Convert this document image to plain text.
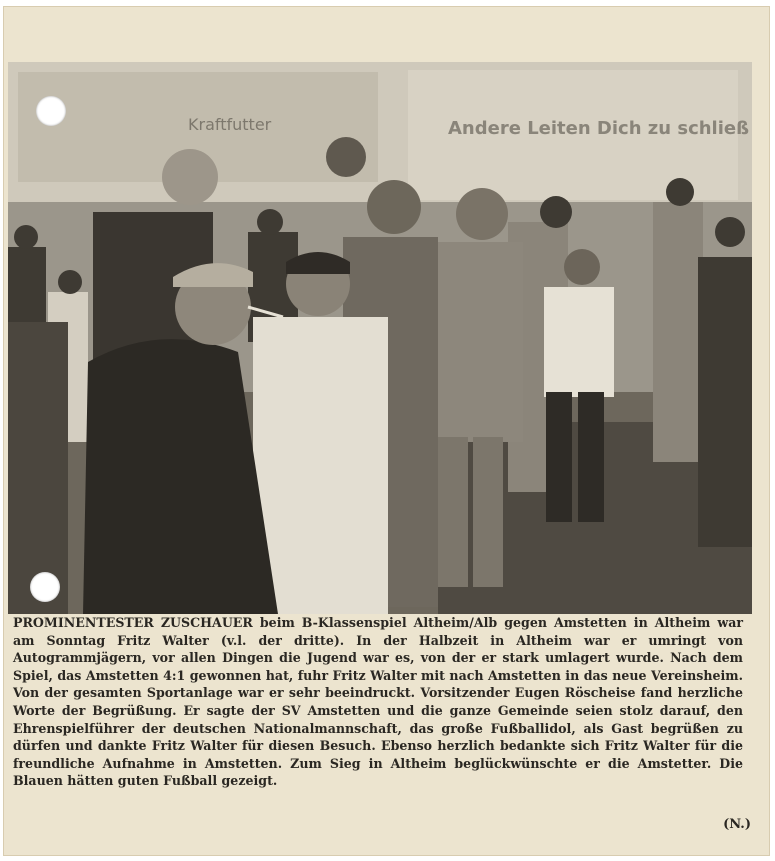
Kraftfutter	Andere Leiten Dich zu schließ
PROMINENTESTER ZUSCHAUER beim B-Klassenspiel Altheim/Alb gegen Amstetten in Altheim war am Sonntag Fritz Walter (v.l. der dritte). In der Halbzeit in Altheim war er umringt von Autogrammjägern, vor allen Dingen die Jugend war es, von der er stark umlagert wurde. Nach dem Spiel, das Amstetten 4:1 gewonnen hat, fuhr Fritz Walter mit nach Amstetten in das neue Vereinsheim. Von der gesamten Sportanlage war er sehr beeindruckt. Vorsitzender Eugen Röscheise fand herzliche Worte der Begrüßung. Er sagte der SV Amstetten und die ganze Gemeinde seien stolz darauf, den Ehrenspielführer der deutschen Nationalmannschaft, das große Fußballidol, als Gast begrüßen zu dürfen und dankte Fritz Walter für diesen Besuch. Ebenso herzlich bedankte sich Fritz Walter für die freundliche Aufnahme in Amstetten. Zum Sieg in Altheim beglückwünschte er die Amstetter. Die Blauen hätten guten Fußball gezeigt.
(N.)
